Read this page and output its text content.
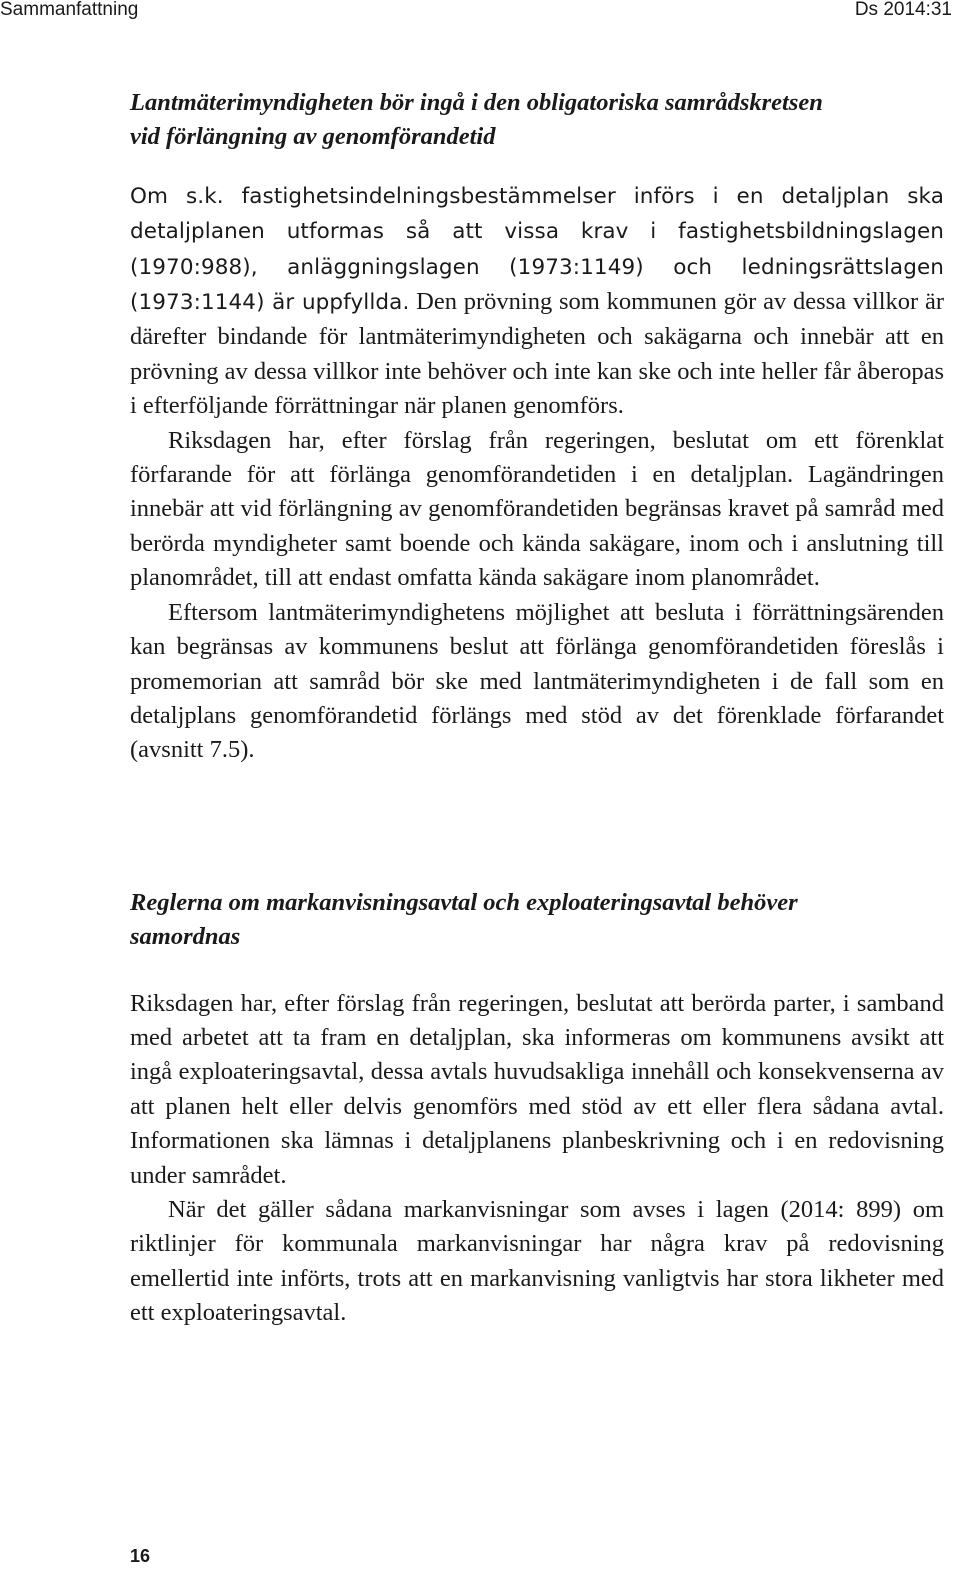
Sammanfattning	Ds 2014:31
Lantmäterimyndigheten bör ingå i den obligatoriska samrådskretsen
vid förlängning av genomförandetid

Om s.k. fastighetsindelningsbestämmelser införs i en detaljplan ska detaljplanen utformas så att vissa krav i fastighetsbildningslagen (1970:988), anläggningslagen (1973:1149) och ledningsrättslagen (1973:1144) är uppfyllda. Den prövning som kommunen gör av dessa villkor är därefter bindande för lantmäterimyndigheten och sakägarna och innebär att en prövning av dessa villkor inte behöver och inte kan ske och inte heller får åberopas i efterföljande förrättningar när planen genomförs.

Riksdagen har, efter förslag från regeringen, beslutat om ett förenklat förfarande för att förlänga genomförandetiden i en detaljplan. Lagändringen innebär att vid förlängning av genomförandetiden begränsas kravet på samråd med berörda myndigheter samt boende och kända sakägare, inom och i anslutning till planområdet, till att endast omfatta kända sakägare inom planområdet.

Eftersom lantmäterimyndighetens möjlighet att besluta i förrättningsärenden kan begränsas av kommunens beslut att förlänga genomförandetiden föreslås i promemorian att samråd bör ske med lantmäterimyndigheten i de fall som en detaljplans genomförandetid förlängs med stöd av det förenklade förfarandet (avsnitt 7.5).

Reglerna om markanvisningsavtal och exploateringsavtal behöver
samordnas

Riksdagen har, efter förslag från regeringen, beslutat att berörda parter, i samband med arbetet att ta fram en detaljplan, ska informeras om kommunens avsikt att ingå exploateringsavtal, dessa avtals huvudsakliga innehåll och konsekvenserna av att planen helt eller delvis genomförs med stöd av ett eller flera sådana avtal. Informationen ska lämnas i detaljplanens planbeskrivning och i en redovisning under samrådet.

När det gäller sådana markanvisningar som avses i lagen (2014: 899) om riktlinjer för kommunala markanvisningar har några krav på redovisning emellertid inte införts, trots att en markanvisning vanligtvis har stora likheter med ett exploateringsavtal.

16
